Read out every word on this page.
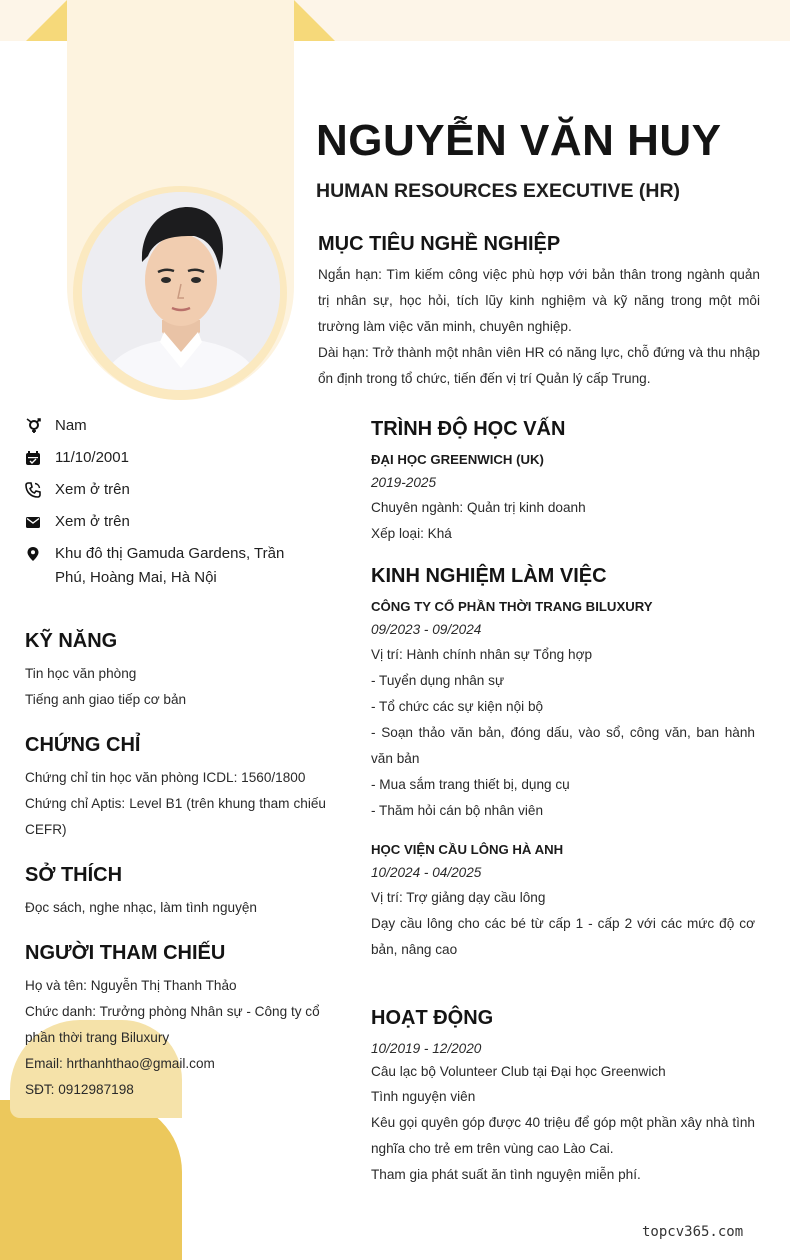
NGUYỄN VĂN HUY
HUMAN RESOURCES EXECUTIVE (HR)
MỤC TIÊU NGHỀ NGHIỆP
Ngắn hạn: Tìm kiếm công việc phù hợp với bản thân trong ngành quản trị nhân sự, học hỏi, tích lũy kinh nghiệm và kỹ năng trong một môi trường làm việc văn minh, chuyên nghiệp.
Dài hạn: Trở thành một nhân viên HR có năng lực, chỗ đứng và thu nhập ổn định trong tổ chức, tiến đến vị trí Quản lý cấp Trung.
Nam
11/10/2001
Xem ở trên
Xem ở trên
Khu đô thị Gamuda Gardens, Trần Phú, Hoàng Mai, Hà Nội
KỸ NĂNG
Tin học văn phòng
Tiếng anh giao tiếp cơ bản
CHỨNG CHỈ
Chứng chỉ tin học văn phòng ICDL: 1560/1800
Chứng chỉ Aptis: Level B1 (trên khung tham chiếu CEFR)
SỞ THÍCH
Đọc sách, nghe nhạc, làm tình nguyện
NGƯỜI THAM CHIẾU
Họ và tên: Nguyễn Thị Thanh Thảo
Chức danh: Trưởng phòng Nhân sự - Công ty cổ phần thời trang Biluxury
Email: hrthanhthao@gmail.com
SĐT: 0912987198
TRÌNH ĐỘ HỌC VẤN
ĐẠI HỌC GREENWICH (UK)
2019-2025
Chuyên ngành: Quản trị kinh doanh
Xếp loại: Khá
KINH NGHIỆM LÀM VIỆC
CÔNG TY CỔ PHẦN THỜI TRANG BILUXURY
09/2023 - 09/2024
Vị trí: Hành chính nhân sự Tổng hợp
- Tuyển dụng nhân sự
- Tổ chức các sự kiện nội bộ
- Soạn thảo văn bản, đóng dấu, vào sổ, công văn, ban hành văn bản
- Mua sắm trang thiết bị, dụng cụ
- Thăm hỏi cán bộ nhân viên
HỌC VIỆN CẦU LÔNG HÀ ANH
10/2024 - 04/2025
Vị trí: Trợ giảng dạy cầu lông
Dạy cầu lông cho các bé từ cấp 1 - cấp 2 với các mức độ cơ bản, nâng cao
HOẠT ĐỘNG
10/2019 - 12/2020
Câu lạc bộ Volunteer Club tại Đại học Greenwich
Tình nguyện viên
Kêu gọi quyên góp được 40 triệu để góp một phần xây nhà tình nghĩa cho trẻ em trên vùng cao Lào Cai.
Tham gia phát suất ăn tình nguyện miễn phí.
topcv365.com
